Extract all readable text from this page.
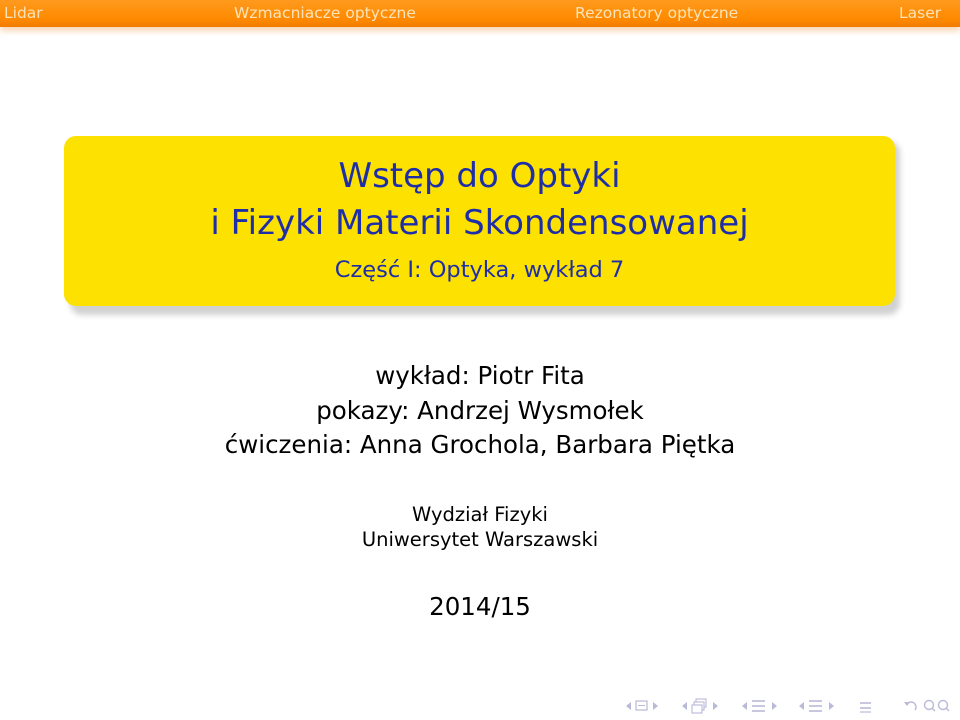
Lidar	Wzmacniacze optyczne	Rezonatory optyczne	Laser
Wstęp do Optyki
i Fizyki Materii Skondensowanej
Część I: Optyka, wykład 7
wykład: Piotr Fita
pokazy: Andrzej Wysmołek
ćwiczenia: Anna Grochola, Barbara Piętka
Wydział Fizyki
Uniwersytet Warszawski
2014/15
